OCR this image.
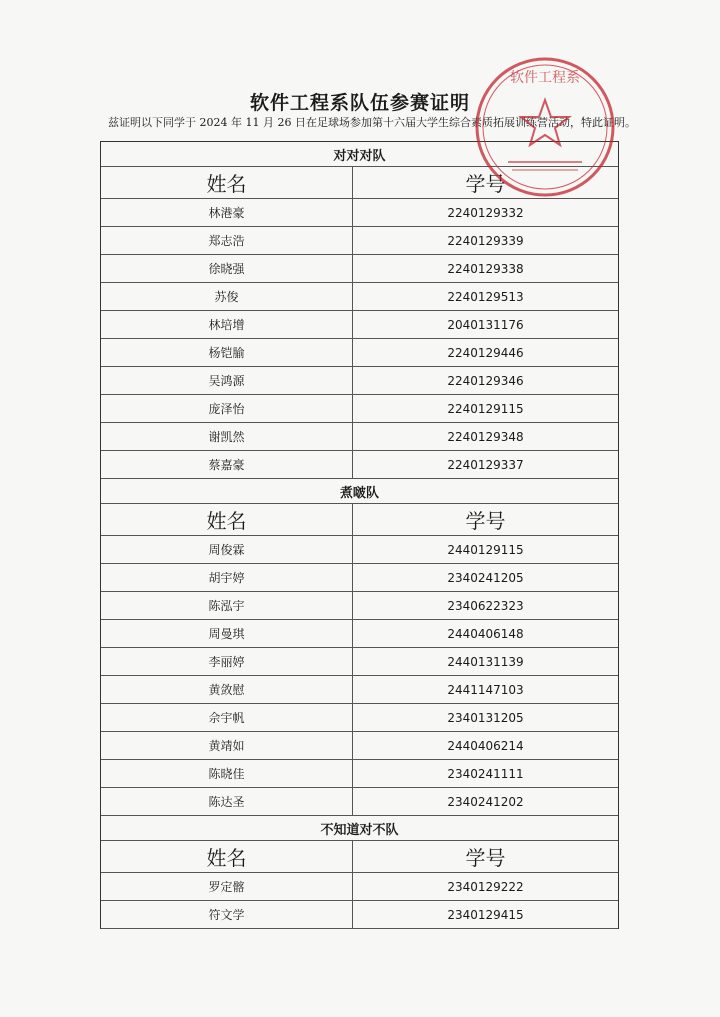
软件工程系队伍参赛证明
兹证明以下同学于 2024 年 11 月 26 日在足球场参加第十六届大学生综合素质拓展训练营活动，特此证明。
对对对队
姓名	学号
林港豪	2240129332
郑志浩	2240129339
徐晓强	2240129338
苏俊	2240129513
林培增	2040131176
杨铠腧	2240129446
吴鸿源	2240129346
庞泽怡	2240129115
谢凯然	2240129348
蔡嘉豪	2240129337
煮啵队
姓名	学号
周俊霖	2440129115
胡宇婷	2340241205
陈泓宇	2340622323
周曼琪	2440406148
李丽婷	2440131139
黄敛慰	2441147103
佘宇帆	2340131205
黄靖如	2440406214
陈晓佳	2340241111
陈达圣	2340241202
不知道对不队
姓名	学号
罗定髂	2340129222
符文学	2340129415
软件工程系
